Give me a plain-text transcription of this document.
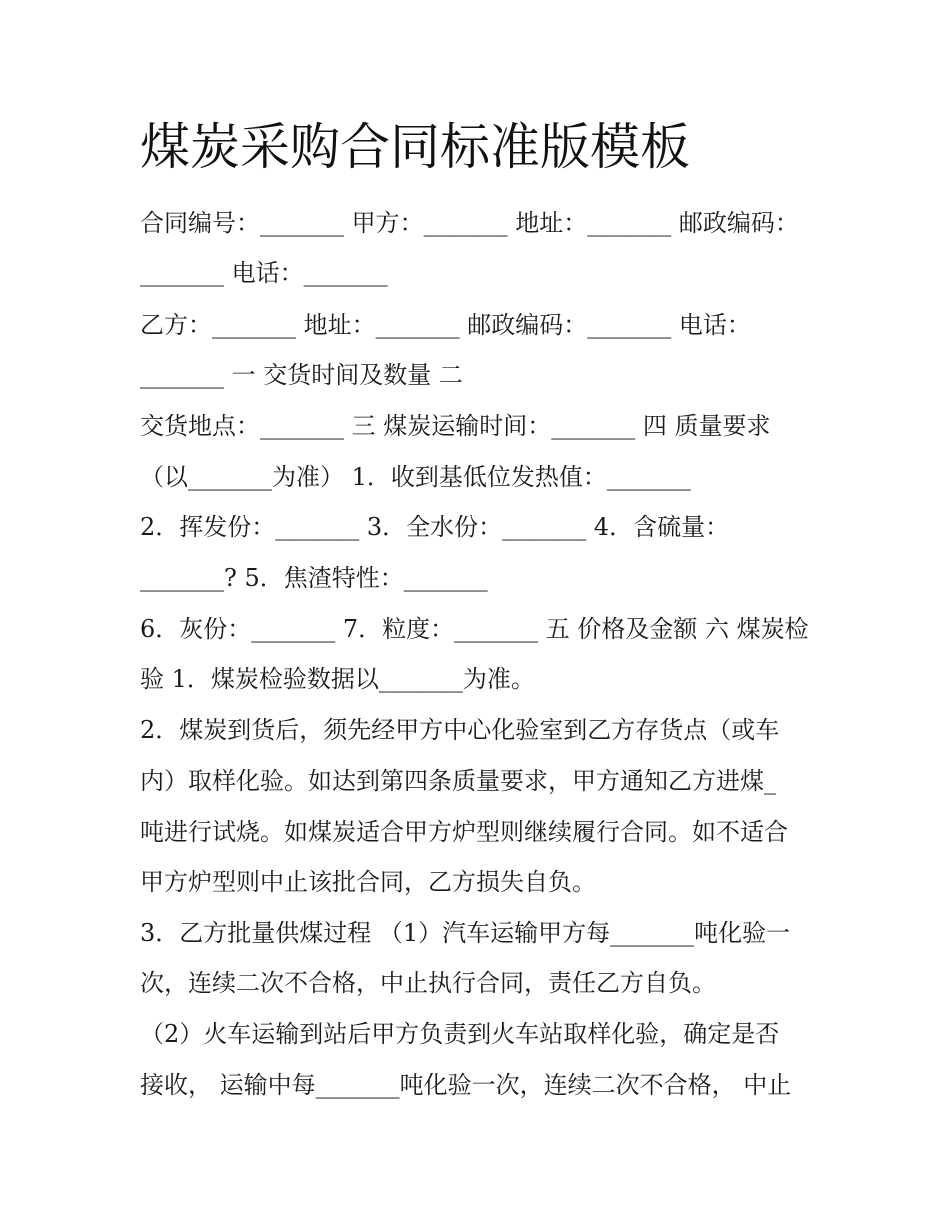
煤炭采购合同标准版模板

合同编号：_______ 甲方：_______ 地址：_______ 邮政编码：

_______ 电话：_______

乙方：_______ 地址：_______ 邮政编码：_______ 电话：

_______ 一 交货时间及数量 二

交货地点：_______ 三 煤炭运输时间：_______ 四 质量要求

（以_______为准） 1．收到基低位发热值：_______

2．挥发份：_______ 3．全水份：_______ 4．含硫量：

_______? 5．焦渣特性：_______

6．灰份：_______ 7．粒度：_______ 五 价格及金额 六 煤炭检

验 1．煤炭检验数据以_______为准。

2．煤炭到货后，须先经甲方中心化验室到乙方存货点（或车

内）取样化验。如达到第四条质量要求，甲方通知乙方进煤_

吨进行试烧。如煤炭适合甲方炉型则继续履行合同。如不适合

甲方炉型则中止该批合同，乙方损失自负。

3．乙方批量供煤过程 （1）汽车运输甲方每_______吨化验一

次，连续二次不合格，中止执行合同，责任乙方自负。

（2）火车运输到站后甲方负责到火车站取样化验，确定是否

接收， 运输中每_______吨化验一次，连续二次不合格， 中止
